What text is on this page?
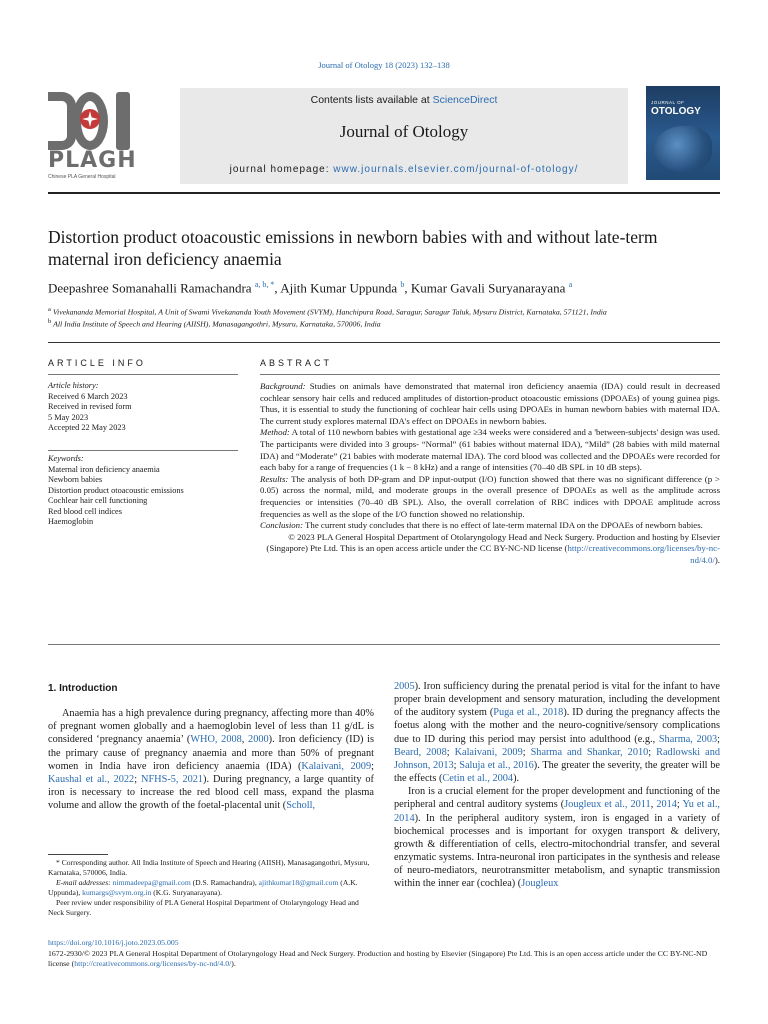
Journal of Otology 18 (2023) 132–138
PLAGH
Chinese PLA General Hospital
Contents lists available at ScienceDirect
Journal of Otology
journal homepage: www.journals.elsevier.com/journal-of-otology/
JOURNAL OF
OTOLOGY
Distortion product otoacoustic emissions in newborn babies with and without late-term maternal iron deficiency anaemia
Deepashree Somanahalli Ramachandra $^{a, b, *}$, Ajith Kumar Uppunda $^b$, Kumar Gavali Suryanarayana $^a$
$^a$ Vivekananda Memorial Hospital, A Unit of Swami Vivekananda Youth Movement (SVYM), Hanchipura Road, Saragur, Saragur Taluk, Mysuru District, Karnataka, 571121, India
$^b$ All India Institute of Speech and Hearing (AIISH), Manasagangothri, Mysuru, Karnataka, 570006, India
ARTICLE INFO	ABSTRACT
Article history:
Received 6 March 2023
Received in revised form
5 May 2023
Accepted 22 May 2023
Keywords:
Maternal iron deficiency anaemia
Newborn babies
Distortion product otoacoustic emissions
Cochlear hair cell functioning
Red blood cell indices
Haemoglobin

Background: Studies on animals have demonstrated that maternal iron deficiency anaemia (IDA) could result in decreased cochlear sensory hair cells and reduced amplitudes of distortion-product otoacoustic emissions (DPOAEs) of young guinea pigs. Thus, it is essential to study the functioning of cochlear hair cells using DPOAEs in human newborn babies with maternal IDA. The current study explores maternal IDA's effect on DPOAEs in newborn babies.

Method: A total of 110 newborn babies with gestational age ≥34 weeks were considered and a 'between-subjects' design was used. The participants were divided into 3 groups- “Normal” (61 babies without maternal IDA), “Mild” (28 babies with mild maternal IDA) and “Moderate” (21 babies with moderate maternal IDA). The cord blood was collected and the DPOAEs were recorded for each baby for a range of frequencies (1 k − 8 kHz) and a range of intensities (70–40 dB SPL in 10 dB steps).

Results: The analysis of both DP-gram and DP input-output (I/O) function showed that there was no significant difference (p > 0.05) across the normal, mild, and moderate groups in the overall presence of DPOAEs as well as the amplitude across frequencies or intensities (70–40 dB SPL). Also, the overall correlation of RBC indices with DPOAE amplitude across frequencies as well as the slope of the I/O function showed no relationship.

Conclusion: The current study concludes that there is no effect of late-term maternal IDA on the DPOAEs of newborn babies.

© 2023 PLA General Hospital Department of Otolaryngology Head and Neck Surgery. Production and hosting by Elsevier (Singapore) Pte Ltd. This is an open access article under the CC BY-NC-ND license (http://creativecommons.org/licenses/by-nc-nd/4.0/).

1. Introduction

Anaemia has a high prevalence during pregnancy, affecting more than 40% of pregnant women globally and a haemoglobin level of less than 11 g/dL is considered ‘pregnancy anaemia’ (WHO, 2008, 2000). Iron deficiency (ID) is the primary cause of pregnancy anaemia and more than 50% of pregnant women in India have iron deficiency anaemia (IDA) (Kalaivani, 2009; Kaushal et al., 2022; NFHS-5, 2021). During pregnancy, a large quantity of iron is necessary to increase the red blood cell mass, expand the plasma volume and allow the growth of the foetal-placental unit (Scholl,

* Corresponding author. All India Institute of Speech and Hearing (AIISH), Manasagangothri, Mysuru, Karnataka, 570006, India.

E-mail addresses: nimmadeepa@gmail.com (D.S. Ramachandra), ajithkumar18@gmail.com (A.K. Uppunda), kumargs@svym.org.in (K.G. Suryanarayana).

Peer review under responsibility of PLA General Hospital Department of Otolaryngology Head and Neck Surgery.

2005). Iron sufficiency during the prenatal period is vital for the infant to have proper brain development and sensory maturation, including the development of the auditory system (Puga et al., 2018). ID during the pregnancy affects the foetus along with the mother and the neuro-cognitive/sensory complications due to ID during this period may persist into adulthood (e.g., Sharma, 2003; Beard, 2008; Kalaivani, 2009; Sharma and Shankar, 2010; Radlowski and Johnson, 2013; Saluja et al., 2016). The greater the severity, the greater will be the effects (Cetin et al., 2004).

Iron is a crucial element for the proper development and functioning of the peripheral and central auditory systems (Jougleux et al., 2011, 2014; Yu et al., 2014). In the peripheral auditory system, iron is engaged in a variety of biochemical processes and is important for oxygen transport & delivery, growth & differentiation of cells, electro-mitochondrial transfer, and several enzymatic systems. Intra-neuronal iron participates in the synthesis and release of neuro-mediators, neurotransmitter metabolism, and synaptic transmission within the inner ear (cochlea) (Jougleux

https://doi.org/10.1016/j.joto.2023.05.005
1672-2930/© 2023 PLA General Hospital Department of Otolaryngology Head and Neck Surgery. Production and hosting by Elsevier (Singapore) Pte Ltd. This is an open access article under the CC BY-NC-ND license (http://creativecommons.org/licenses/by-nc-nd/4.0/).
